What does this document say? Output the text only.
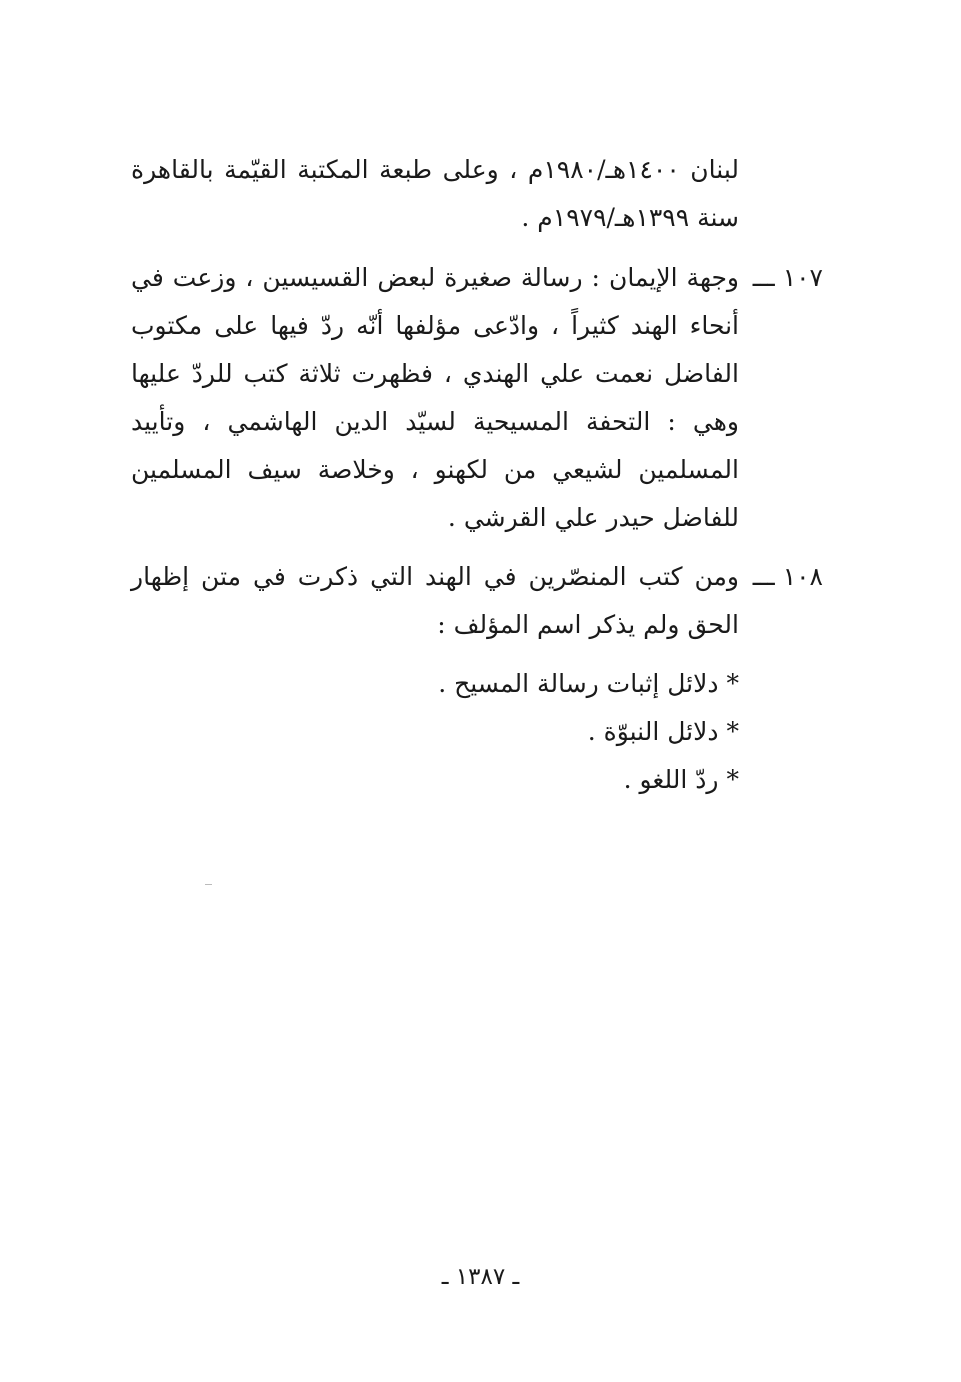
لبنان ١٤٠٠هـ/١٩٨٠م ، وعلى طبعة المكتبة القيّمة بالقاهرة سنة ١٣٩٩هـ/١٩٧٩م .
١٠٧ ـــ
وجهة الإيمان : رسالة صغيرة لبعض القسيسين ، وزعت في أنحاء الهند كثيراً ، وادّعى مؤلفها أنّه ردّ فيها على مكتوب الفاضل نعمت علي الهندي ، فظهرت ثلاثة كتب للردّ عليها وهي : التحفة المسيحية لسيّد الدين الهاشمي ، وتأييد المسلمين لشيعي من لكهنو ، وخلاصة سيف المسلمين للفاضل حيدر علي القرشي .
١٠٨ ـــ
ومن كتب المنصّرين في الهند التي ذكرت في متن إظهار الحق ولم يذكر اسم المؤلف :
*دلائل إثبات رسالة المسيح .
*دلائل النبوّة .
*ردّ اللغو .
ـ ١٣٨٧ ـ
